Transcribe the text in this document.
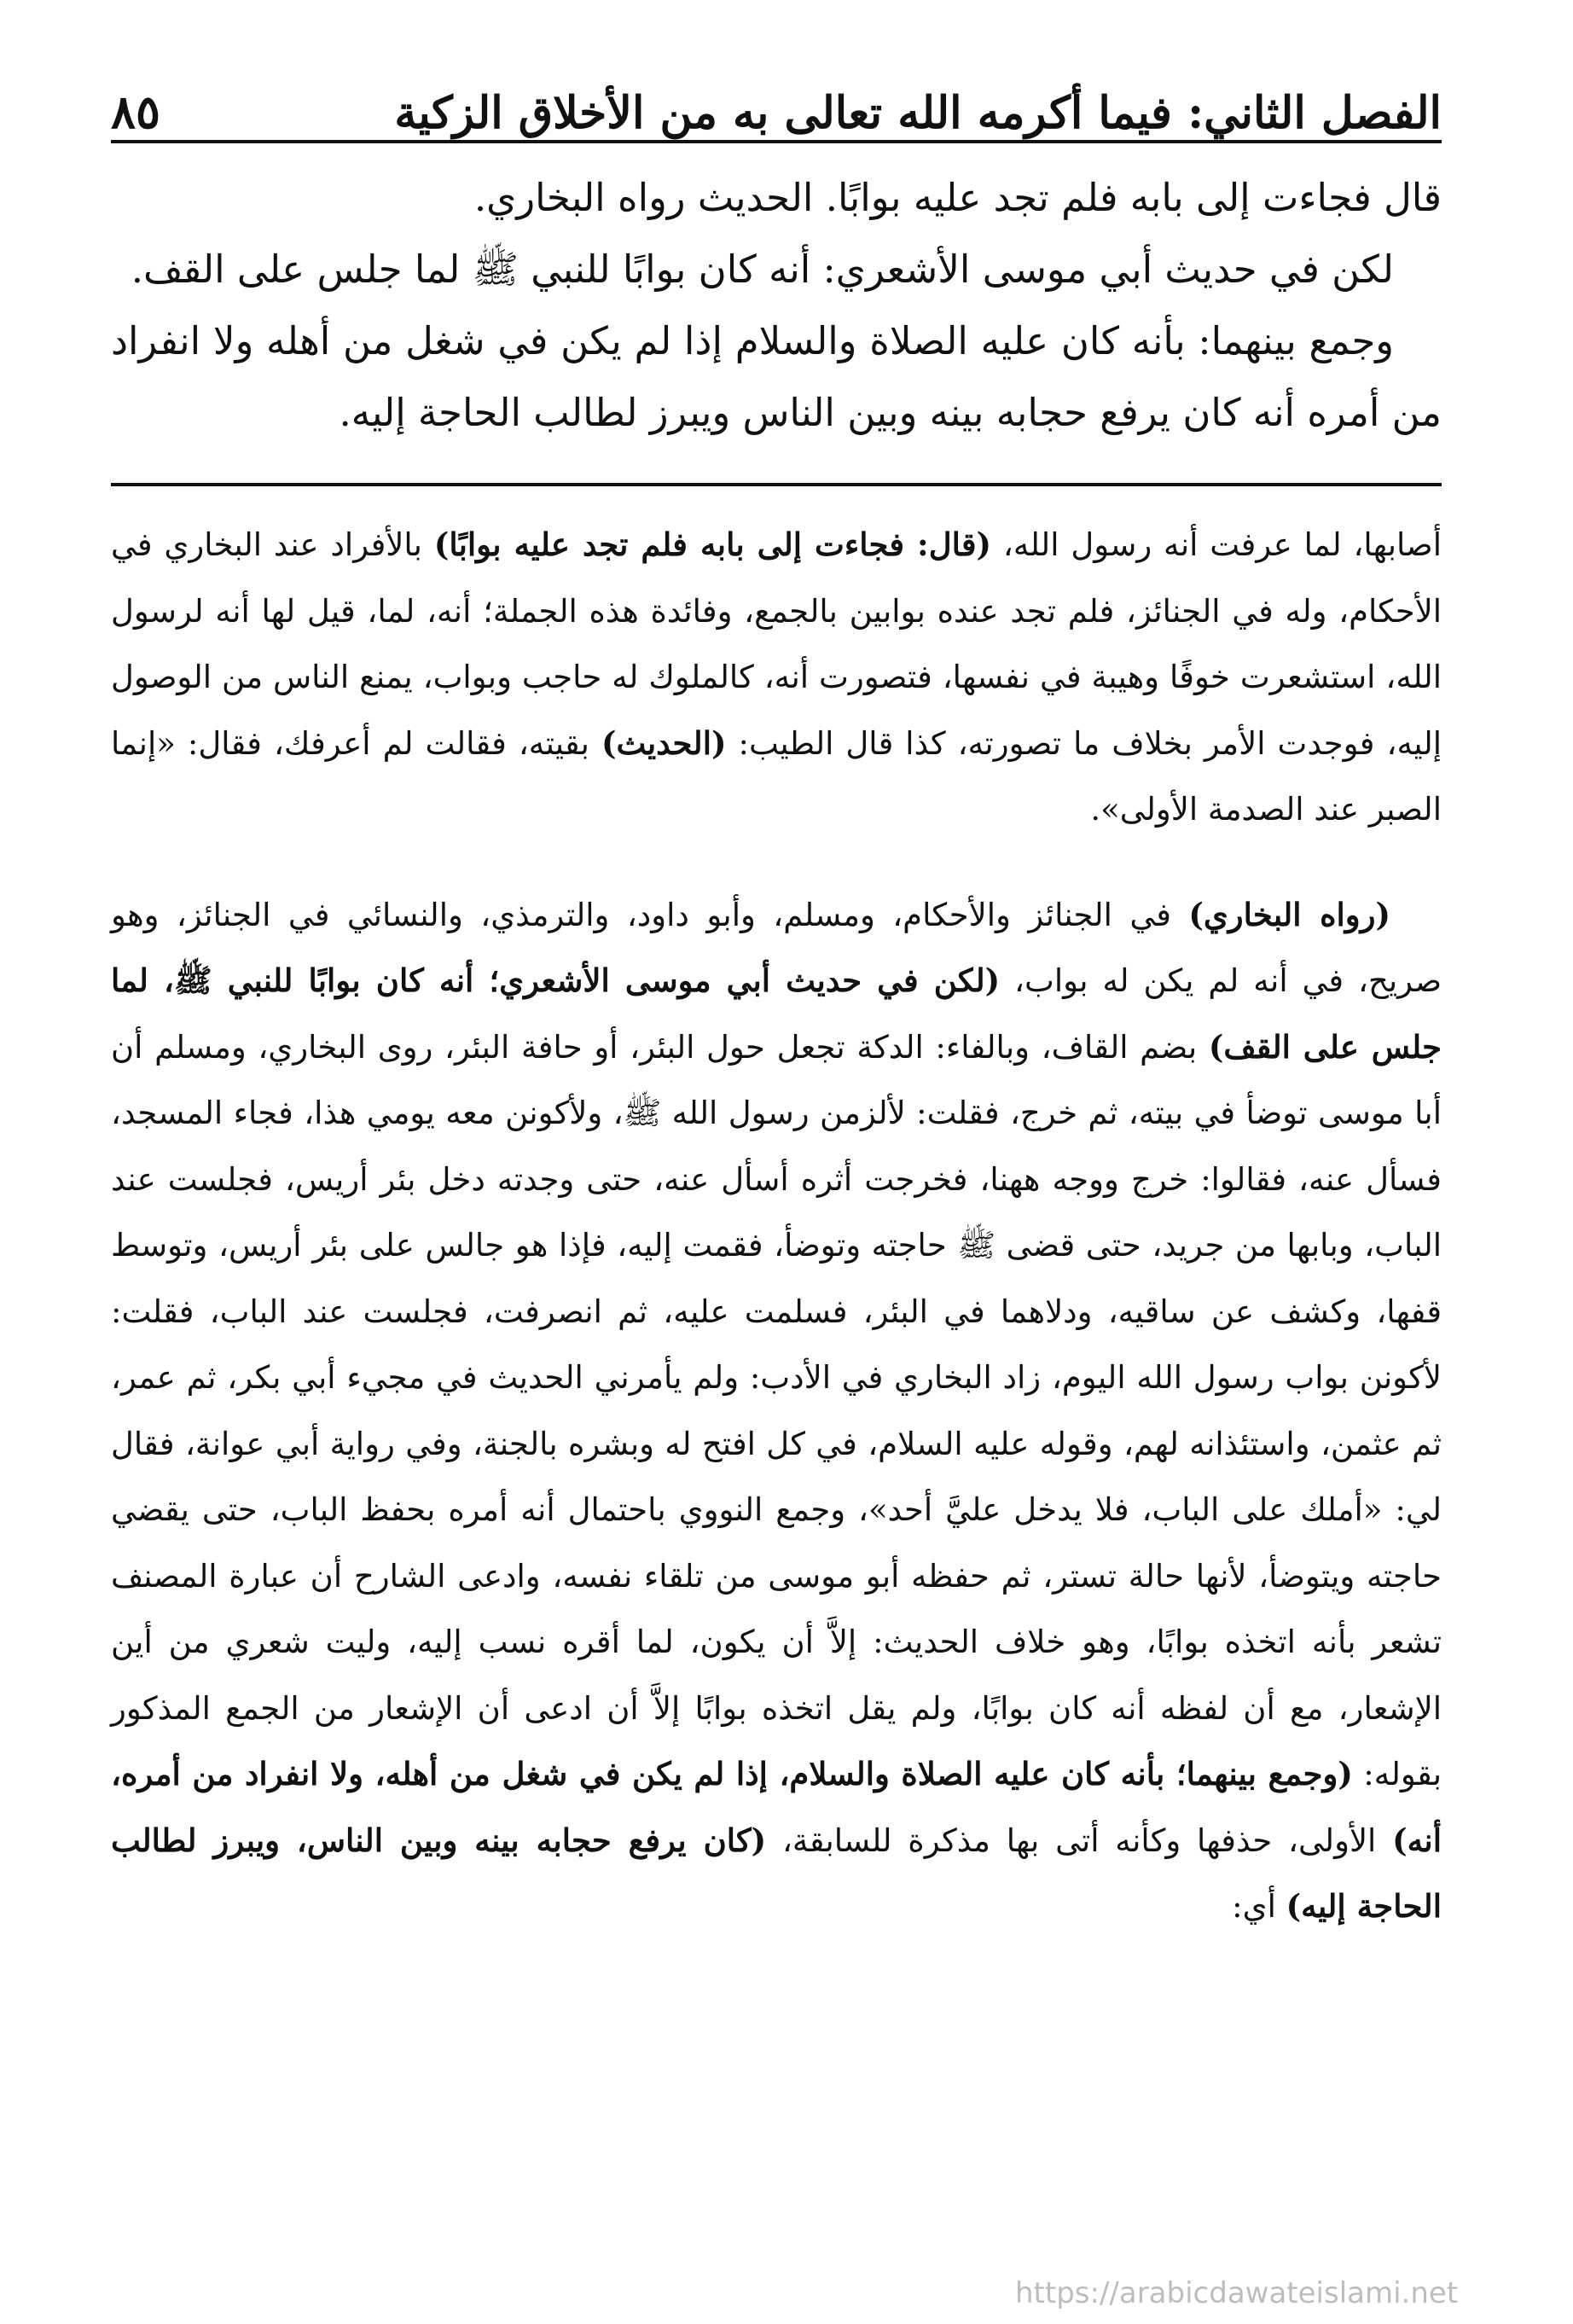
الفصل الثاني: فيما أكرمه الله تعالى به من الأخلاق الزكية
٨٥

قال فجاءت إلى بابه فلم تجد عليه بوابًا. الحديث رواه البخاري.

لكن في حديث أبي موسى الأشعري: أنه كان بوابًا للنبي ﷺ لما جلس على القف.

وجمع بينهما: بأنه كان عليه الصلاة والسلام إذا لم يكن في شغل من أهله ولا انفراد من أمره أنه كان يرفع حجابه بينه وبين الناس ويبرز لطالب الحاجة إليه.

أصابها، لما عرفت أنه رسول الله، (قال: فجاءت إلى بابه فلم تجد عليه بوابًا) بالأفراد عند البخاري في الأحكام، وله في الجنائز، فلم تجد عنده بوابين بالجمع، وفائدة هذه الجملة؛ أنه، لما، قيل لها أنه لرسول الله، استشعرت خوفًا وهيبة في نفسها، فتصورت أنه، كالملوك له حاجب وبواب، يمنع الناس من الوصول إليه، فوجدت الأمر بخلاف ما تصورته، كذا قال الطيب: (الحديث) بقيته، فقالت لم أعرفك، فقال: «إنما الصبر عند الصدمة الأولى».

(رواه البخاري) في الجنائز والأحكام، ومسلم، وأبو داود، والترمذي، والنسائي في الجنائز، وهو صريح، في أنه لم يكن له بواب، (لكن في حديث أبي موسى الأشعري؛ أنه كان بوابًا للنبي ﷺ، لما جلس على القف) بضم القاف، وبالفاء: الدكة تجعل حول البئر، أو حافة البئر، روى البخاري، ومسلم أن أبا موسى توضأ في بيته، ثم خرج، فقلت: لألزمن رسول الله ﷺ، ولأكونن معه يومي هذا، فجاء المسجد، فسأل عنه، فقالوا: خرج ووجه ههنا، فخرجت أثره أسأل عنه، حتى وجدته دخل بئر أريس، فجلست عند الباب، وبابها من جريد، حتى قضى ﷺ حاجته وتوضأ، فقمت إليه، فإذا هو جالس على بئر أريس، وتوسط قفها، وكشف عن ساقيه، ودلاهما في البئر، فسلمت عليه، ثم انصرفت، فجلست عند الباب، فقلت: لأكونن بواب رسول الله اليوم، زاد البخاري في الأدب: ولم يأمرني الحديث في مجيء أبي بكر، ثم عمر، ثم عثمن، واستئذانه لهم، وقوله عليه السلام، في كل افتح له وبشره بالجنة، وفي رواية أبي عوانة، فقال لي: «أملك على الباب، فلا يدخل عليَّ أحد»، وجمع النووي باحتمال أنه أمره بحفظ الباب، حتى يقضي حاجته ويتوضأ، لأنها حالة تستر، ثم حفظه أبو موسى من تلقاء نفسه، وادعى الشارح أن عبارة المصنف تشعر بأنه اتخذه بوابًا، وهو خلاف الحديث: إلاَّ أن يكون، لما أقره نسب إليه، وليت شعري من أين الإشعار، مع أن لفظه أنه كان بوابًا، ولم يقل اتخذه بوابًا إلاَّ أن ادعى أن الإشعار من الجمع المذكور بقوله: (وجمع بينهما؛ بأنه كان عليه الصلاة والسلام، إذا لم يكن في شغل من أهله، ولا انفراد من أمره، أنه) الأولى، حذفها وكأنه أتى بها مذكرة للسابقة، (كان يرفع حجابه بينه وبين الناس، ويبرز لطالب الحاجة إليه) أي:

https://arabicdawateislami.net
